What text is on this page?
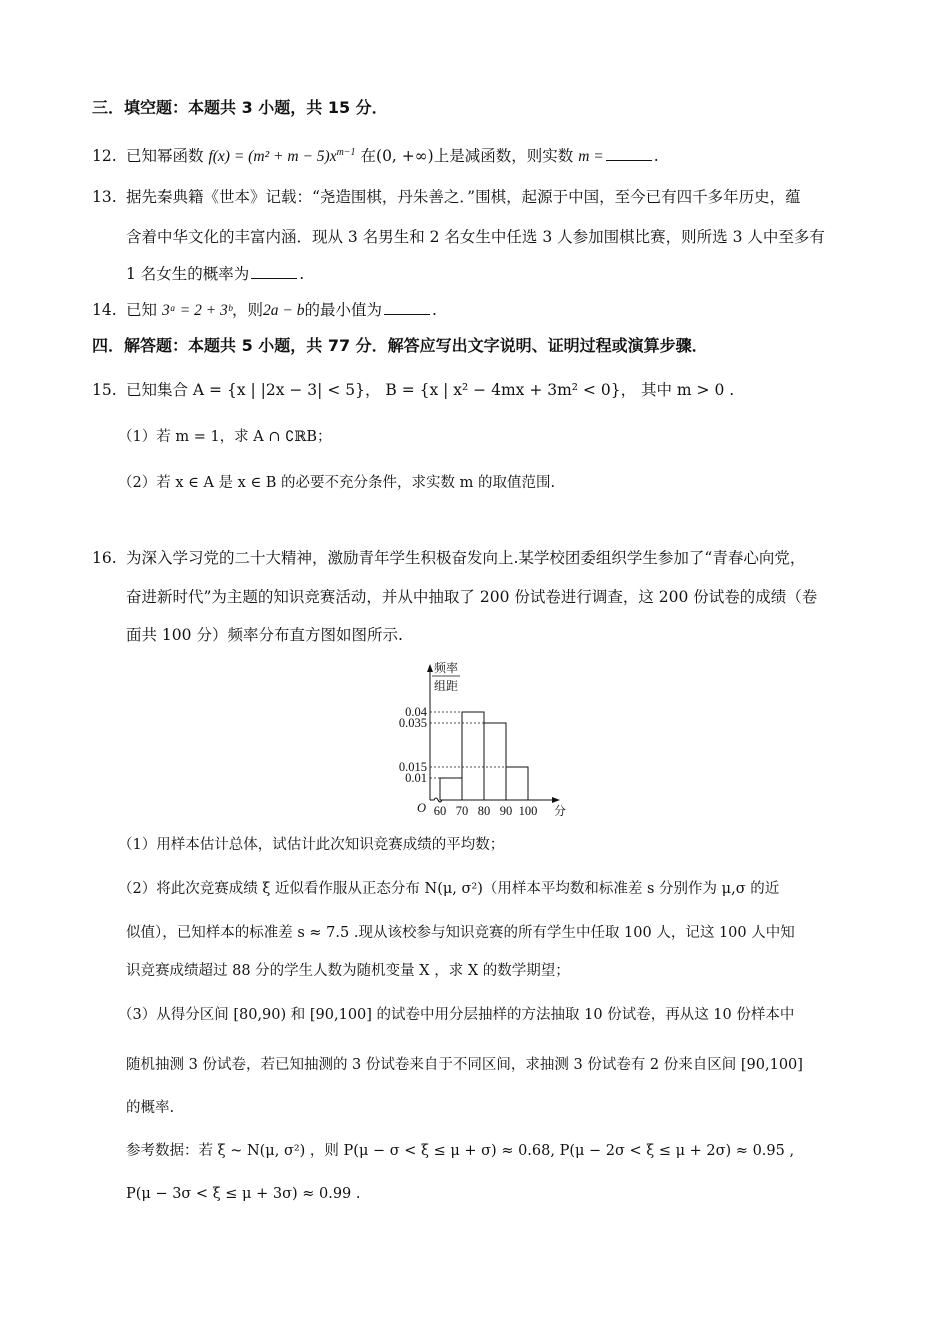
三．填空题：本题共 3 小题，共 15 分．
12. 已知幂函数 $f(x) = (m^2 + m - 5)x^{m-1}$ 在(0, +∞)上是减函数，则实数 m =	.
13. 据先秦典籍《世本》记载：“尧造围棋，丹朱善之．”围棋，起源于中国，至今已有四千多年历史，蕴
含着中华文化的丰富内涵．现从 3 名男生和 2 名女生中任选 3 人参加围棋比赛，则所选 3 人中至多有
1 名女生的概率为	.
14. 已知 3ᵃ = 2 + 3ᵇ，则2a − b的最小值为	.
四．解答题：本题共 5 小题，共 77 分．解答应写出文字说明、证明过程或演算步骤．
15. 已知集合 A = {x | |2x − 3| < 5}， B = {x | x² − 4mx + 3m² < 0}， 其中 m > 0 .
（1）若 m = 1，求 A ∩ ∁ℝB；
（2）若 x ∈ A 是 x ∈ B 的必要不充分条件，求实数 m 的取值范围.
16. 为深入学习党的二十大精神，激励青年学生积极奋发向上.某学校团委组织学生参加了“青春心向党，
奋进新时代”为主题的知识竞赛活动，并从中抽取了 200 份试卷进行调查，这 200 份试卷的成绩（卷
面共 100 分）频率分布直方图如图所示.
0.04
0.035
0.015
0.01
60 70 80 90 100
O	分
频率
组距
（1）用样本估计总体，试估计此次知识竞赛成绩的平均数；
（2）将此次竞赛成绩 ξ 近似看作服从正态分布 N(μ, σ²)（用样本平均数和标准差 s 分别作为 μ,σ 的近
似值），已知样本的标准差 s ≈ 7.5 .现从该校参与知识竞赛的所有学生中任取 100 人，记这 100 人中知
识竞赛成绩超过 88 分的学生人数为随机变量 X ，求 X 的数学期望；
（3）从得分区间 [80,90) 和 [90,100] 的试卷中用分层抽样的方法抽取 10 份试卷，再从这 10 份样本中
随机抽测 3 份试卷，若已知抽测的 3 份试卷来自于不同区间，求抽测 3 份试卷有 2 份来自区间 [90,100]
的概率.
参考数据：若 ξ ~ N(μ, σ²) ，则 P(μ − σ < ξ ≤ μ + σ) ≈ 0.68, P(μ − 2σ < ξ ≤ μ + 2σ) ≈ 0.95 ,
P(μ − 3σ < ξ ≤ μ + 3σ) ≈ 0.99 .
